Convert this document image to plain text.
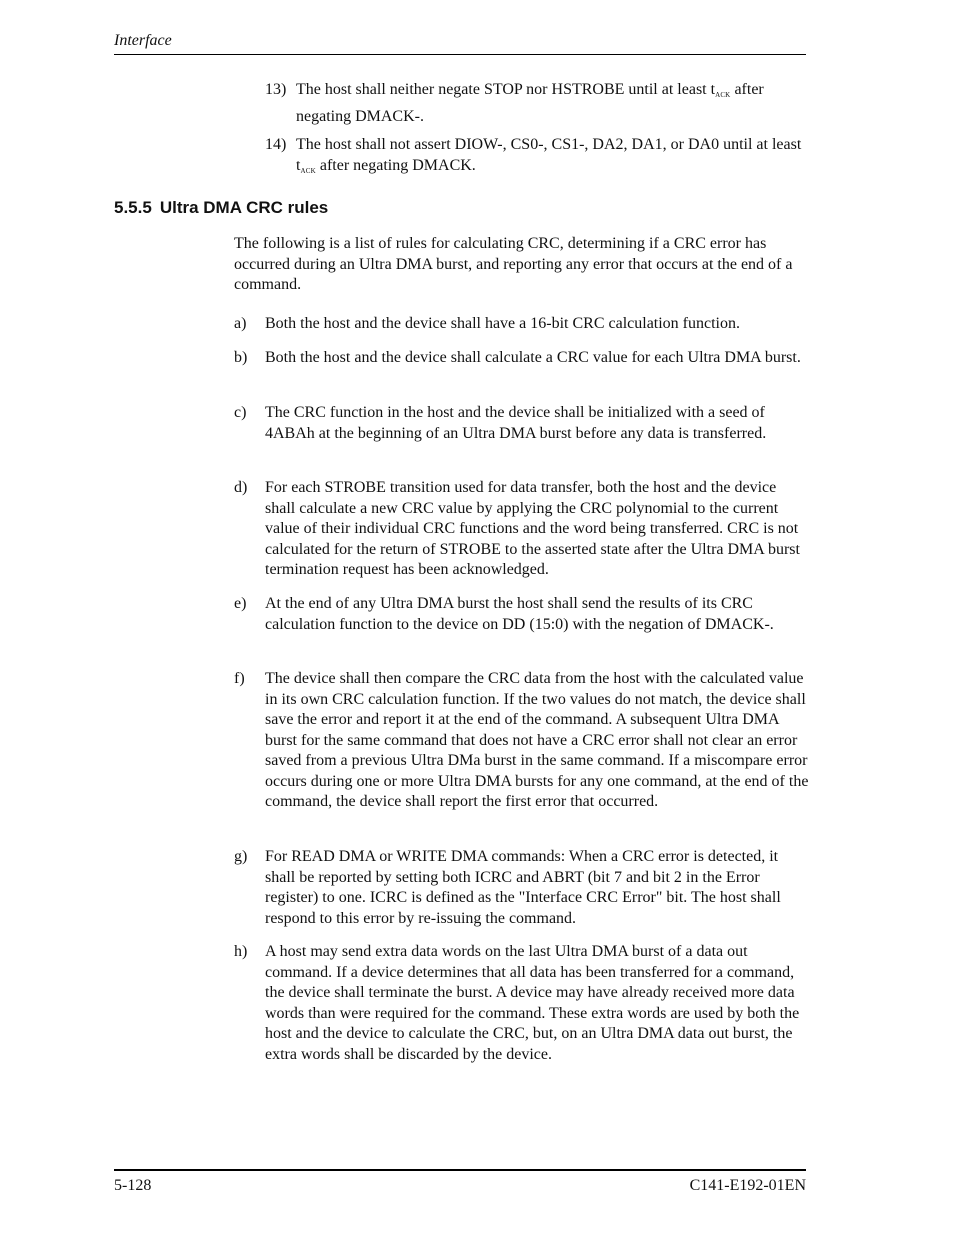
Interface
13) The host shall neither negate STOP nor HSTROBE until at least $t_{ACK}$ after negating DMACK-.
14) The host shall not assert DIOW-, CS0-, CS1-, DA2, DA1, or DA0 until at least $t_{ACK}$ after negating DMACK.
5.5.5 Ultra DMA CRC rules
The following is a list of rules for calculating CRC, determining if a CRC error has occurred during an Ultra DMA burst, and reporting any error that occurs at the end of a command.
a) Both the host and the device shall have a 16-bit CRC calculation function.
b) Both the host and the device shall calculate a CRC value for each Ultra DMA burst.
c) The CRC function in the host and the device shall be initialized with a seed of 4ABAh at the beginning of an Ultra DMA burst before any data is transferred.
d) For each STROBE transition used for data transfer, both the host and the device shall calculate a new CRC value by applying the CRC polynomial to the current value of their individual CRC functions and the word being transferred. CRC is not calculated for the return of STROBE to the asserted state after the Ultra DMA burst termination request has been acknowledged.
e) At the end of any Ultra DMA burst the host shall send the results of its CRC calculation function to the device on DD (15:0) with the negation of DMACK-.
f) The device shall then compare the CRC data from the host with the calculated value in its own CRC calculation function. If the two values do not match, the device shall save the error and report it at the end of the command. A subsequent Ultra DMA burst for the same command that does not have a CRC error shall not clear an error saved from a previous Ultra DMa burst in the same command. If a miscompare error occurs during one or more Ultra DMA bursts for any one command, at the end of the command, the device shall report the first error that occurred.
g) For READ DMA or WRITE DMA commands: When a CRC error is detected, it shall be reported by setting both ICRC and ABRT (bit 7 and bit 2 in the Error register) to one. ICRC is defined as the "Interface CRC Error" bit. The host shall respond to this error by re-issuing the command.
h) A host may send extra data words on the last Ultra DMA burst of a data out command. If a device determines that all data has been transferred for a command, the device shall terminate the burst. A device may have already received more data words than were required for the command. These extra words are used by both the host and the device to calculate the CRC, but, on an Ultra DMA data out burst, the extra words shall be discarded by the device.
5-128	C141-E192-01EN
